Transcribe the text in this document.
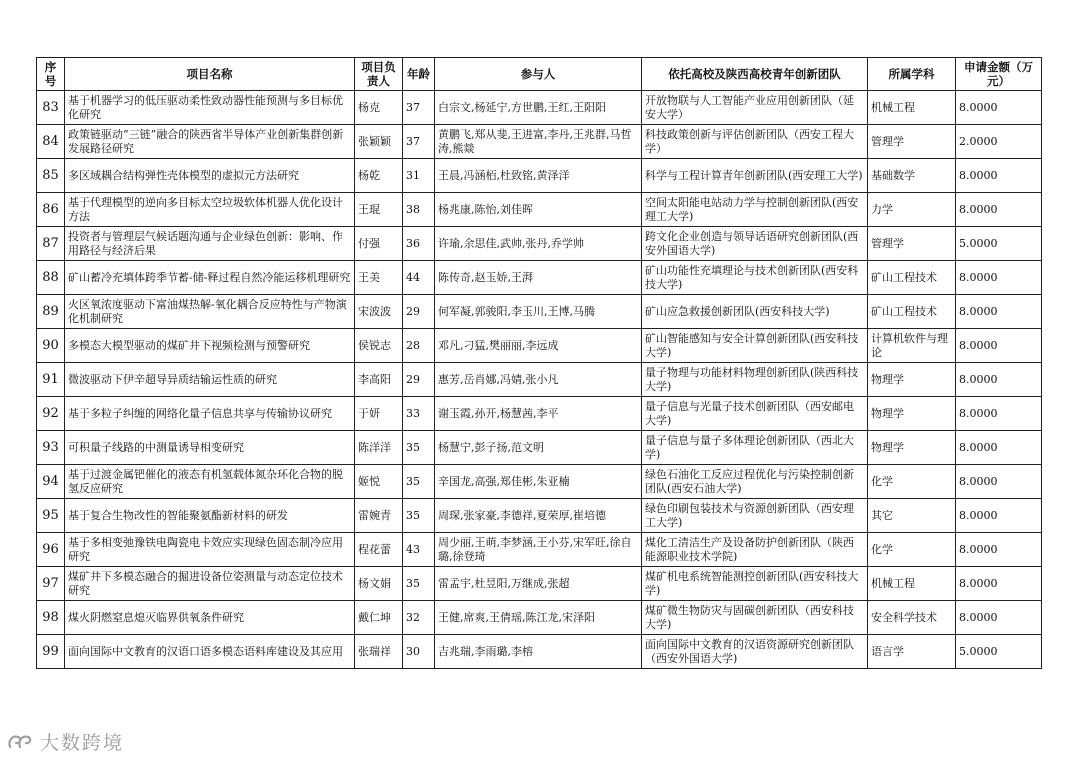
序号	项目名称	项目负责人	年龄	参与人	依托高校及陕西高校青年创新团队	所属学科	申请金额（万元）
83	基于机器学习的低压驱动柔性致动器性能预测与多目标优化研究	杨克	37	白宗文,杨延宁,方世鹏,王红,王阳阳	开放物联与人工智能产业应用创新团队（延安大学）	机械工程	8.0000
84	政策链驱动“三链”融合的陕西省半导体产业创新集群创新发展路径研究	张颖颖	37	黄鹏飞,郑从斐,王进富,李丹,王兆群,马哲涛,熊燚	科技政策创新与评估创新团队（西安工程大学）	管理学	2.0000
85	多区域耦合结构弹性壳体模型的虚拟元方法研究	杨乾	31	王晨,冯涵栢,杜致铭,黄泽洋	科学与工程计算青年创新团队(西安理工大学)	基础数学	8.0000
86	基于代理模型的逆向多目标太空垃圾软体机器人优化设计方法	王琨	38	杨兆康,陈怡,刘佳晖	空间太阳能电站动力学与控制创新团队(西安理工大学)	力学	8.0000
87	投资者与管理层气候话题沟通与企业绿色创新：影响、作用路径与经济后果	付强	36	许瑜,余思佳,武帅,张丹,乔学帅	跨文化企业创造与领导话语研究创新团队(西安外国语大学)	管理学	5.0000
88	矿山蓄冷充填体跨季节蓄-储-释过程自然冷能运移机理研究	王美	44	陈传奇,赵玉娇,王湃	矿山功能性充填理论与技术创新团队(西安科技大学)	矿山工程技术	8.0000
89	火区氧浓度驱动下富油煤热解-氧化耦合反应特性与产物演化机制研究	宋波波	29	何军凝,郭骏阳,李玉川,王博,马腾	矿山应急救援创新团队(西安科技大学)	矿山工程技术	8.0000
90	多模态大模型驱动的煤矿井下视频检测与预警研究	侯锐志	28	邓凡,刁猛,樊丽丽,李远成	矿山智能感知与安全计算创新团队(西安科技大学)	计算机软件与理论	8.0000
91	微波驱动下伊辛超导异质结输运性质的研究	李高阳	29	惠芳,岳肖娜,冯婧,张小凡	量子物理与功能材料物理创新团队(陕西科技大学)	物理学	8.0000
92	基于多粒子纠缠的网络化量子信息共享与传输协议研究	于妍	33	谢玉霞,孙开,杨慧茜,李平	量子信息与光量子技术创新团队（西安邮电大学)	物理学	8.0000
93	可积量子线路的中测量诱导相变研究	陈洋洋	35	杨慧宁,彭子扬,范文明	量子信息与量子多体理论创新团队（西北大学)	物理学	8.0000
94	基于过渡金属钯催化的液态有机氢载体氮杂环化合物的脱氢反应研究	姬悦	35	辛国龙,高强,郑佳彬,朱亚楠	绿色石油化工反应过程优化与污染控制创新团队(西安石油大学)	化学	8.0000
95	基于复合生物改性的智能聚氨酯新材料的研发	雷婉青	35	周琛,张家豪,李德祥,夏荣厚,崔培德	绿色印刷包装技术与资源创新团队（西安理工大学)	其它	8.0000
96	基于多相变弛豫铁电陶瓷电卡效应实现绿色固态制冷应用研究	程花蕾	43	周少丽,王萌,李梦涵,王小芬,宋军旺,徐自璐,徐登琦	煤化工清洁生产及设备防护创新团队（陕西能源职业技术学院)	化学	8.0000
97	煤矿井下多模态融合的掘进设备位姿测量与动态定位技术研究	杨文娟	35	雷孟宇,杜昱阳,万继成,张超	煤矿机电系统智能测控创新团队(西安科技大学)	机械工程	8.0000
98	煤火阴燃窒息熄灭临界供氧条件研究	戴仁坤	32	王健,席爽,王倩瑶,陈江龙,宋泽阳	煤矿微生物防灾与固碳创新团队（西安科技大学)	安全科学技术	8.0000
99	面向国际中文教育的汉语口语多模态语料库建设及其应用	张瑞祥	30	吉兆瑞,李雨璐,李榕	面向国际中文教育的汉语资源研究创新团队（西安外国语大学)	语言学	5.0000
大数跨境
